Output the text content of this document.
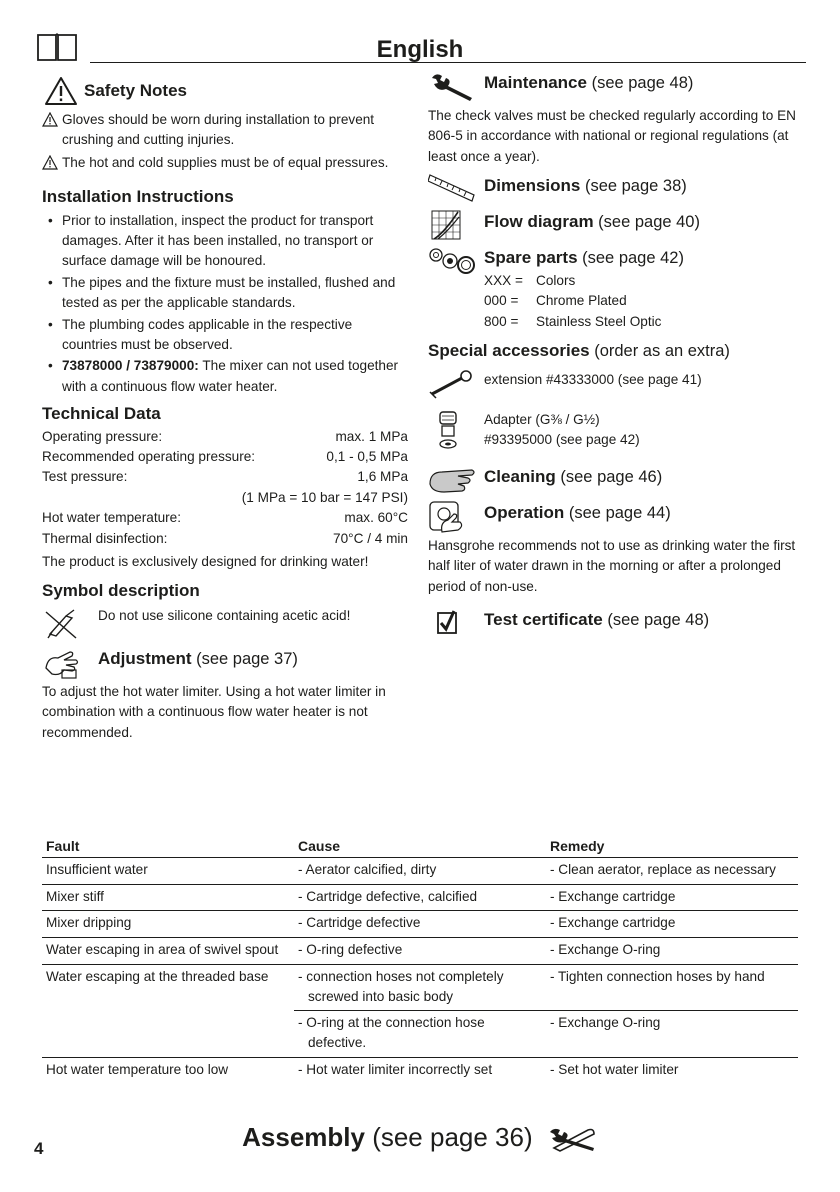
English
Safety Notes
Gloves should be worn during installation to prevent crushing and cutting injuries.
The hot and cold supplies must be of equal pressures.
Installation Instructions
• Prior to installation, inspect the product for transport damages. After it has been installed, no transport or surface damage will be honoured.
• The pipes and the fixture must be installed, flushed and tested as per the applicable standards.
• The plumbing codes applicable in the respective countries must be observed.
• 73878000 / 73879000: The mixer can not used together with a continuous flow water heater.
Technical Data
Operating pressure:	max. 1 MPa
Recommended operating pressure:	0,1 - 0,5 MPa
Test pressure:	1,6 MPa
(1 MPa = 10 bar = 147 PSI)
Hot water temperature:	max. 60°C
Thermal disinfection:	70°C / 4 min
The product is exclusively designed for drinking water!
Symbol description
Do not use silicone containing acetic acid!
Adjustment (see page 37)
To adjust the hot water limiter. Using a hot water limiter in combination with a continuous flow water heater is not recommended.
Maintenance (see page 48)
The check valves must be checked regularly according to EN 806-5 in accordance with national or regional regulations (at least once a year).
Dimensions (see page 38)
Flow diagram (see page 40)
Spare parts (see page 42)
XXX = Colors
000 =	Chrome Plated
800 =	Stainless Steel Optic
Special accessories (order as an extra)
extension #43333000 (see page 41)
Adapter (G⅜ / G½)
#93395000 (see page 42)
Cleaning (see page 46)
Operation (see page 44)
Hansgrohe recommends not to use as drinking water the first half liter of water drawn in the morning or after a prolonged period of non-use.
Test certificate (see page 48)
Fault	Cause	Remedy
Insufficient water	- Aerator calcified, dirty	- Clean aerator, replace as necessary

Mixer stiff	- Cartridge defective, calcified	- Exchange cartridge

Mixer dripping	- Cartridge defective	- Exchange cartridge

Water escaping in area of swivel spout	- O-ring defective	- Exchange O-ring

Water escaping at the threaded base	- connection hoses not completely screwed into basic body	- Tighten connection hoses by hand

	- O-ring at the connection hose defective.	- Exchange O-ring

Hot water temperature too low	- Hot water limiter incorrectly set	- Set hot water limiter
4	Assembly (see page 36)
